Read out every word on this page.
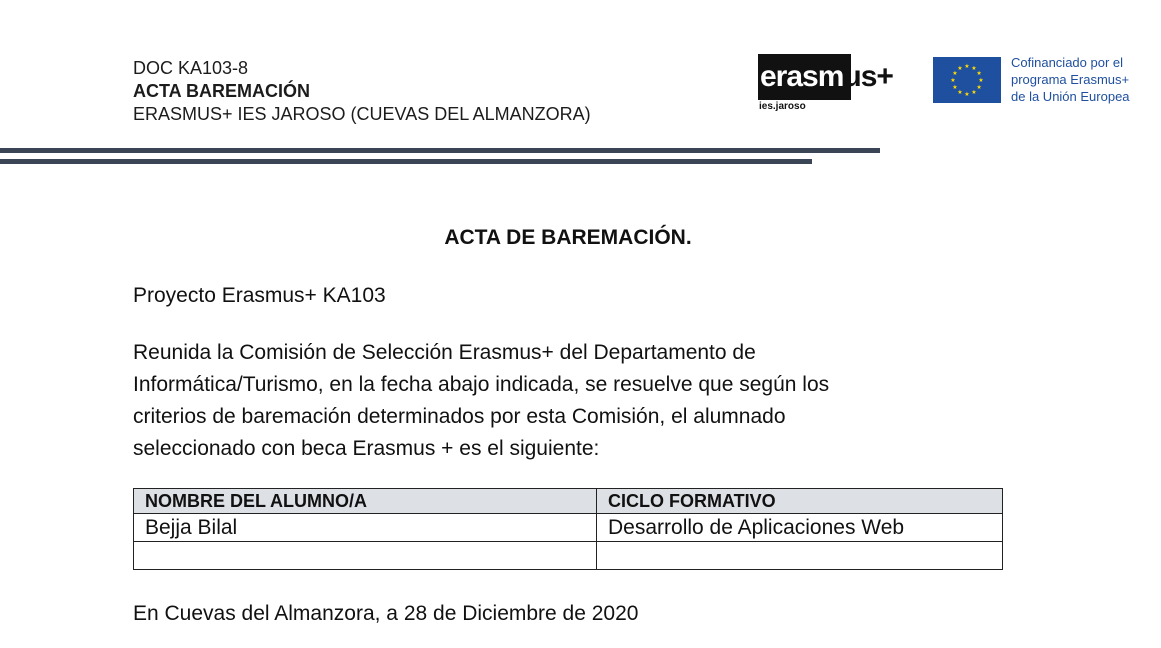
DOC KA103-8
ACTA BAREMACIÓN
ERASMUS+ IES JAROSO (CUEVAS DEL ALMANZORA)
erasmus+
ies.jaroso
★ ★
★
★
★
★
★
★
★
★
★
★	Cofinanciado por el
programa Erasmus+
de la Unión Europea
ACTA DE BAREMACIÓN.
Proyecto Erasmus+ KA103
Reunida la Comisión de Selección Erasmus+ del Departamento de
Informática/Turismo, en la fecha abajo indicada, se resuelve que según los
criterios de baremación determinados por esta Comisión, el alumnado
seleccionado con beca Erasmus + es el siguiente:
NOMBRE DEL ALUMNO/A	CICLO FORMATIVO
Bejja Bilal	Desarrollo de Aplicaciones Web

En Cuevas del Almanzora, a 28 de Diciembre de 2020
